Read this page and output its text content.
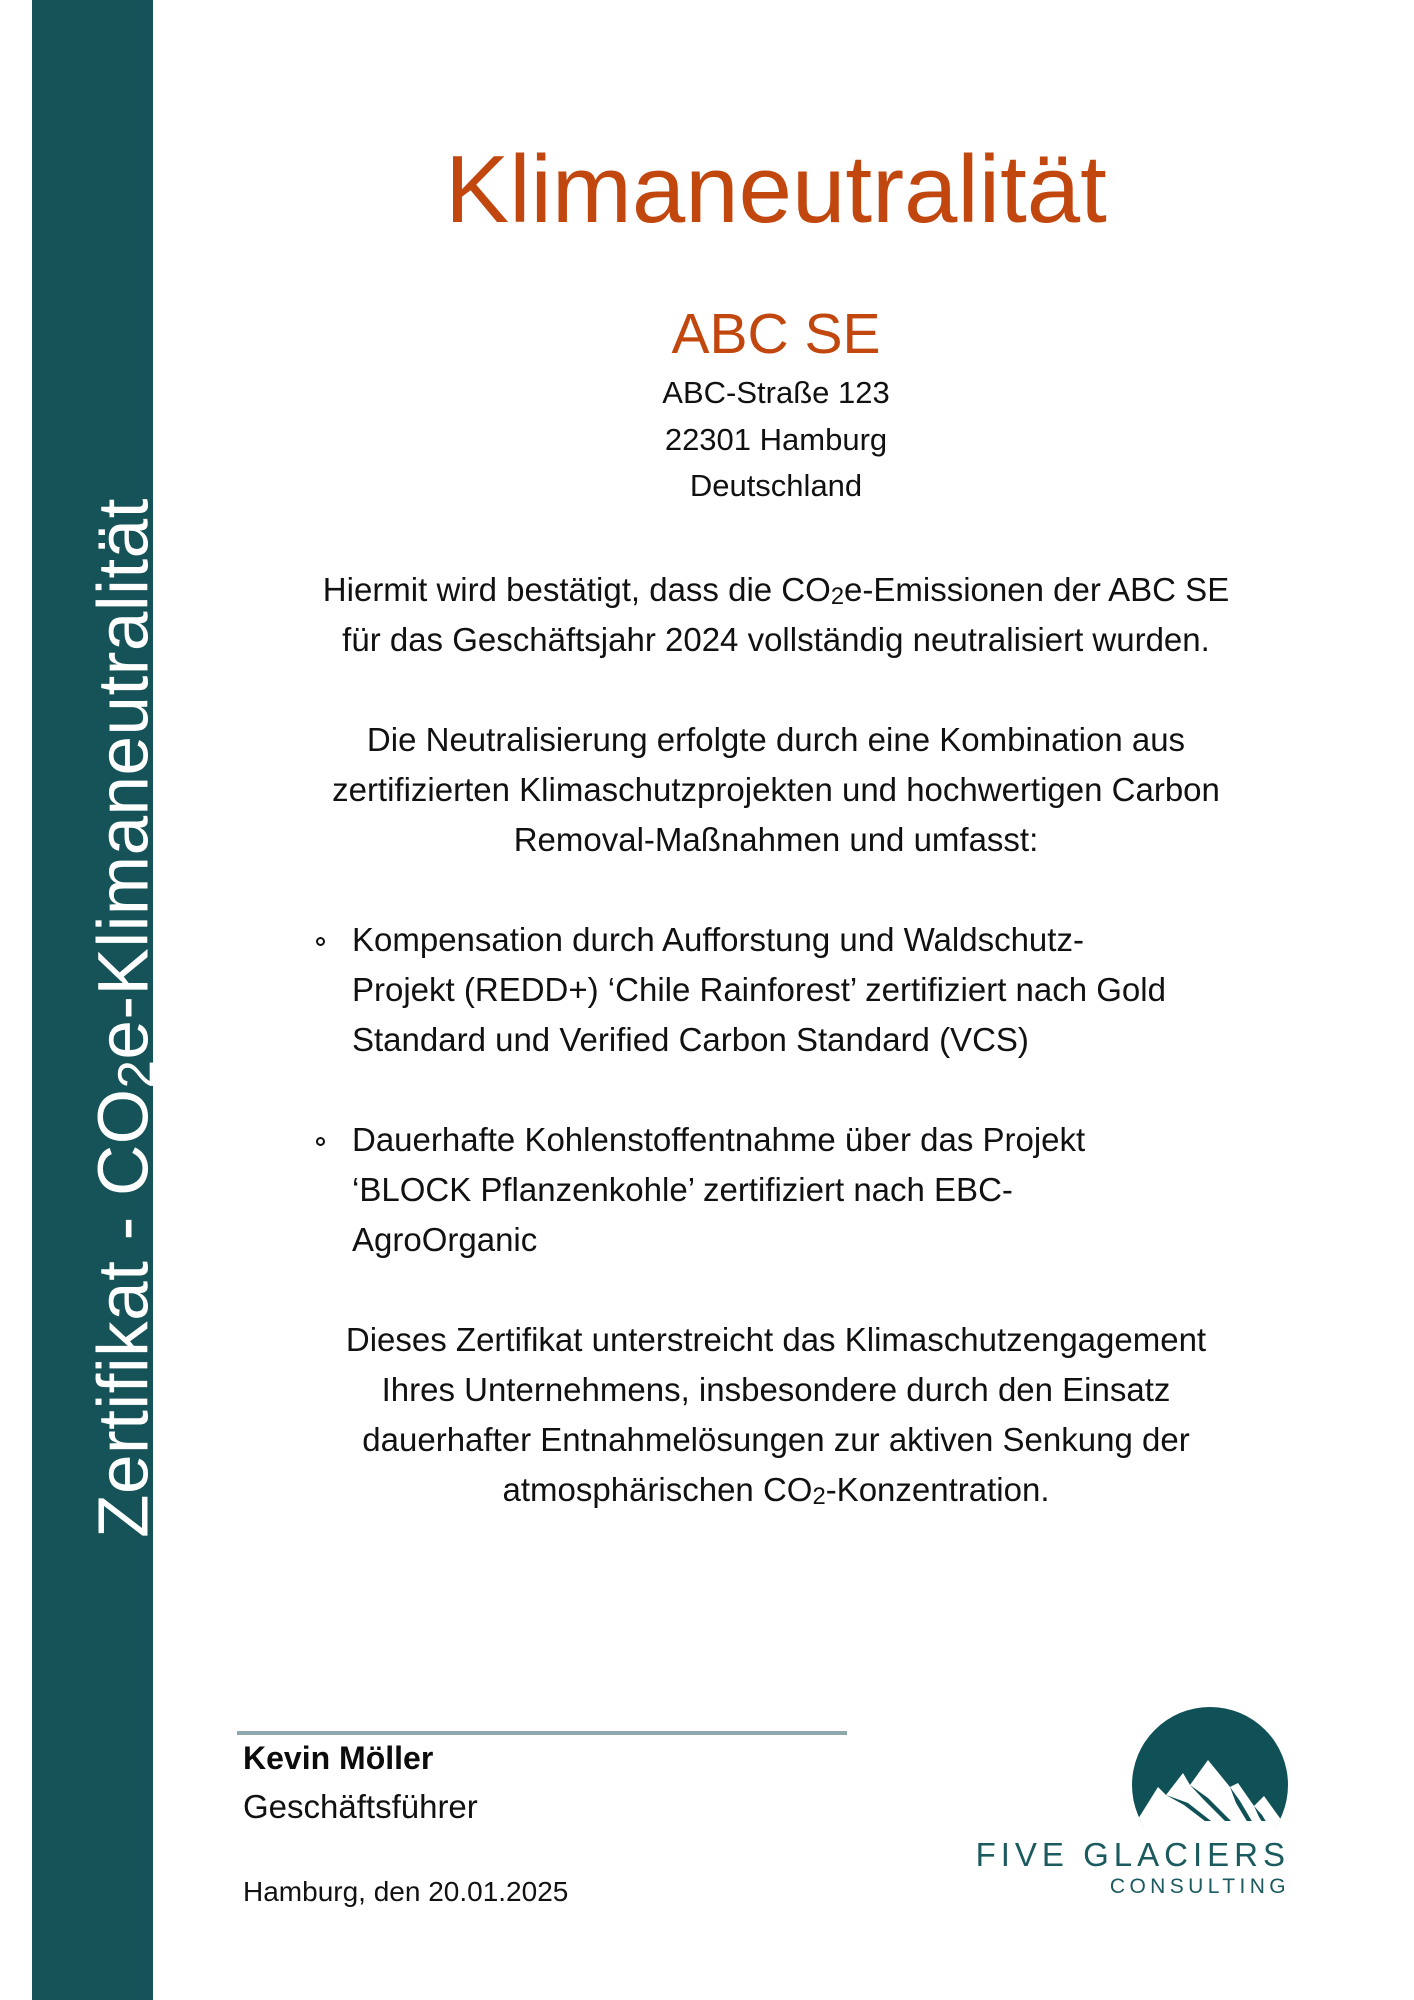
Zertifikat - CO2e-Klimaneutralität
Klimaneutralität
ABC SE
ABC-Straße 123
22301 Hamburg
Deutschland
Hiermit wird bestätigt, dass die CO2e-Emissionen der ABC SE
für das Geschäftsjahr 2024 vollständig neutralisiert wurden.
Die Neutralisierung erfolgte durch eine Kombination aus
zertifizierten Klimaschutzprojekten und hochwertigen Carbon
Removal-Maßnahmen und umfasst:
Kompensation durch Aufforstung und Waldschutz-
Projekt (REDD+) ‘Chile Rainforest’ zertifiziert nach Gold
Standard und Verified Carbon Standard (VCS)
Dauerhafte Kohlenstoffentnahme über das Projekt
‘BLOCK Pflanzenkohle’ zertifiziert nach EBC-
AgroOrganic
Dieses Zertifikat unterstreicht das Klimaschutzengagement
Ihres Unternehmens, insbesondere durch den Einsatz
dauerhafter Entnahmelösungen zur aktiven Senkung der
atmosphärischen CO2-Konzentration.
Kevin Möller
Geschäftsführer
Hamburg, den 20.01.2025
FIVE GLACIERS
CONSULTING
